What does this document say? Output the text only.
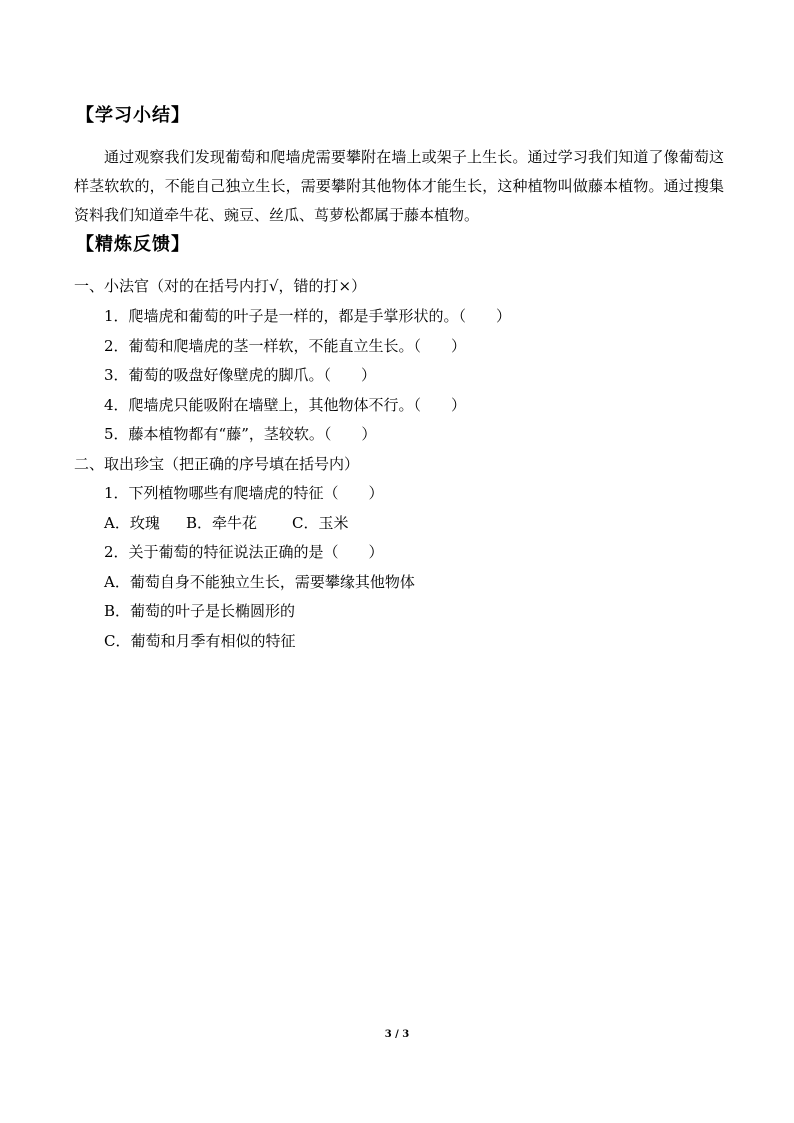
【学习小结】
通过观察我们发现葡萄和爬墙虎需要攀附在墙上或架子上生长。通过学习我们知道了像葡萄这样茎软软的，不能自己独立生长，需要攀附其他物体才能生长，这种植物叫做藤本植物。通过搜集资料我们知道牵牛花、豌豆、丝瓜、茑萝松都属于藤本植物。
【精炼反馈】
一、小法官（对的在括号内打√，错的打×）
1．爬墙虎和葡萄的叶子是一样的，都是手掌形状的。（　　）
2．葡萄和爬墙虎的茎一样软，不能直立生长。（　　）
3．葡萄的吸盘好像壁虎的脚爪。（　　）
4．爬墙虎只能吸附在墙壁上，其他物体不行。（　　）
5．藤本植物都有“藤”，茎较软。（　　）
二、取出珍宝（把正确的序号填在括号内）
1．下列植物哪些有爬墙虎的特征（　　）
A．玫瑰 B．牵牛花 C．玉米
2．关于葡萄的特征说法正确的是（　　）
A．葡萄自身不能独立生长，需要攀缘其他物体
B．葡萄的叶子是长椭圆形的
C．葡萄和月季有相似的特征
3 / 3
